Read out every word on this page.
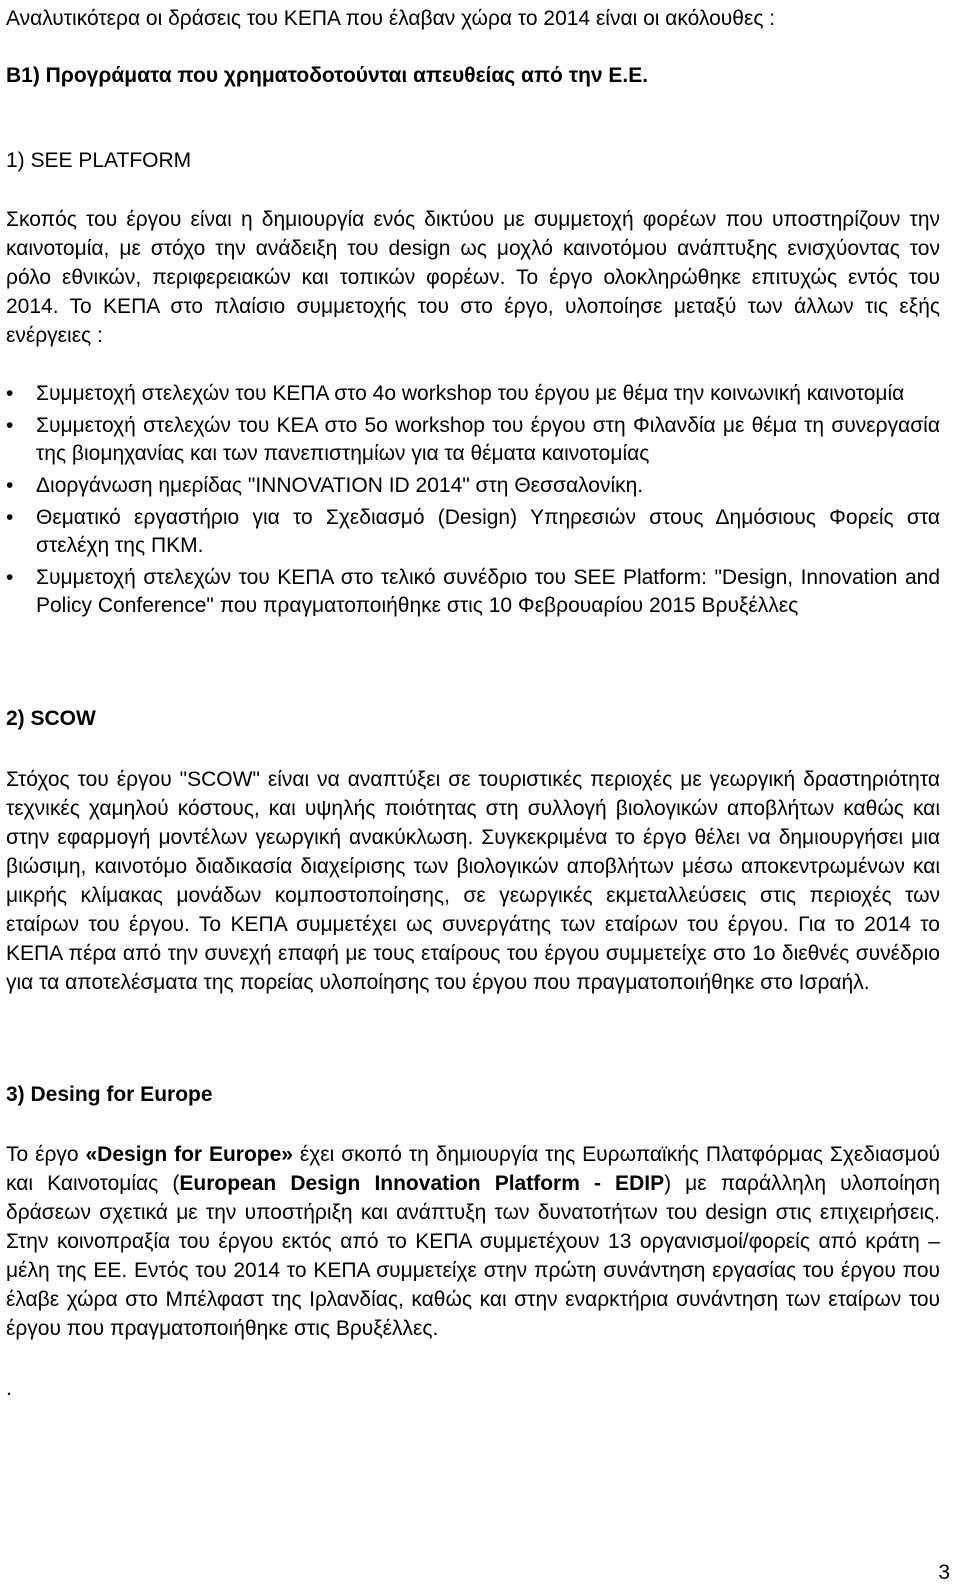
Αναλυτικότερα οι δράσεις του ΚΕΠΑ που έλαβαν χώρα το 2014 είναι οι ακόλουθες :
Β1) Προγράματα που χρηματοδοτούνται απευθείας από την Ε.Ε.
1) SEE PLATFORM
Σκοπός του έργου είναι η δημιουργία ενός δικτύου με συμμετοχή φορέων που υποστηρίζουν την καινοτομία, με στόχο την ανάδειξη του design ως μοχλό καινοτόμου ανάπτυξης ενισχύοντας τον ρόλο εθνικών, περιφερειακών και τοπικών φορέων. Το έργο ολοκληρώθηκε επιτυχώς εντός του 2014. Το ΚΕΠΑ στο πλαίσιο συμμετοχής του στο έργο, υλοποίησε μεταξύ των άλλων τις εξής ενέργειες :
•	Συμμετοχή στελεχών του ΚΕΠΑ στο 4ο workshop του έργου με θέμα την κοινωνική καινοτομία
•	Συμμετοχή στελεχών του ΚΕΑ στο 5ο workshop του έργου στη Φιλανδία με θέμα τη συνεργασία της βιομηχανίας και των πανεπιστημίων για τα θέματα καινοτομίας
•	Διοργάνωση ημερίδας "INNOVATION ID 2014" στη Θεσσαλονίκη.
•	Θεματικό εργαστήριο για το Σχεδιασμό (Design) Υπηρεσιών στους Δημόσιους Φορείς στα στελέχη της ΠΚΜ.
•	Συμμετοχή στελεχών του ΚΕΠΑ στο τελικό συνέδριο του SEE Platform: "Design, Innovation and Policy Conference" που πραγματοποιήθηκε στις 10 Φεβρουαρίου 2015 Βρυξέλλες
2) SCOW
Στόχος του έργου "SCOW" είναι να αναπτύξει σε τουριστικές περιοχές με γεωργική δραστηριότητα τεχνικές χαμηλού κόστους, και υψηλής ποιότητας στη συλλογή βιολογικών αποβλήτων καθώς και στην εφαρμογή μοντέλων γεωργική ανακύκλωση. Συγκεκριμένα το έργο θέλει να δημιουργήσει μια βιώσιμη, καινοτόμο διαδικασία διαχείρισης των βιολογικών αποβλήτων μέσω αποκεντρωμένων και μικρής κλίμακας μονάδων κομποστοποίησης, σε γεωργικές εκμεταλλεύσεις στις περιοχές των εταίρων του έργου. Το ΚΕΠΑ συμμετέχει ως συνεργάτης των εταίρων του έργου. Για το 2014 το ΚΕΠΑ πέρα από την συνεχή επαφή με τους εταίρους του έργου συμμετείχε στο 1ο διεθνές συνέδριο για τα αποτελέσματα της πορείας υλοποίησης του έργου που πραγματοποιήθηκε στο Ισραήλ.
3) Desing for Europe
Το έργο «Design for Europe» έχει σκοπό τη δημιουργία της Ευρωπαϊκής Πλατφόρμας Σχεδιασμού και Καινοτομίας (European Design Innovation Platform - EDIP) με παράλληλη υλοποίηση δράσεων σχετικά με την υποστήριξη και ανάπτυξη των δυνατοτήτων του design στις επιχειρήσεις. Στην κοινοπραξία του έργου εκτός από το ΚΕΠΑ συμμετέχουν 13 οργανισμοί/φορείς από κράτη – μέλη της ΕΕ. Εντός του 2014 το ΚΕΠΑ συμμετείχε στην πρώτη συνάντηση εργασίας του έργου που έλαβε χώρα στο Μπέλφαστ της Ιρλανδίας, καθώς και στην εναρκτήρια συνάντηση των εταίρων του έργου που πραγματοποιήθηκε στις Βρυξέλλες.
.
3
